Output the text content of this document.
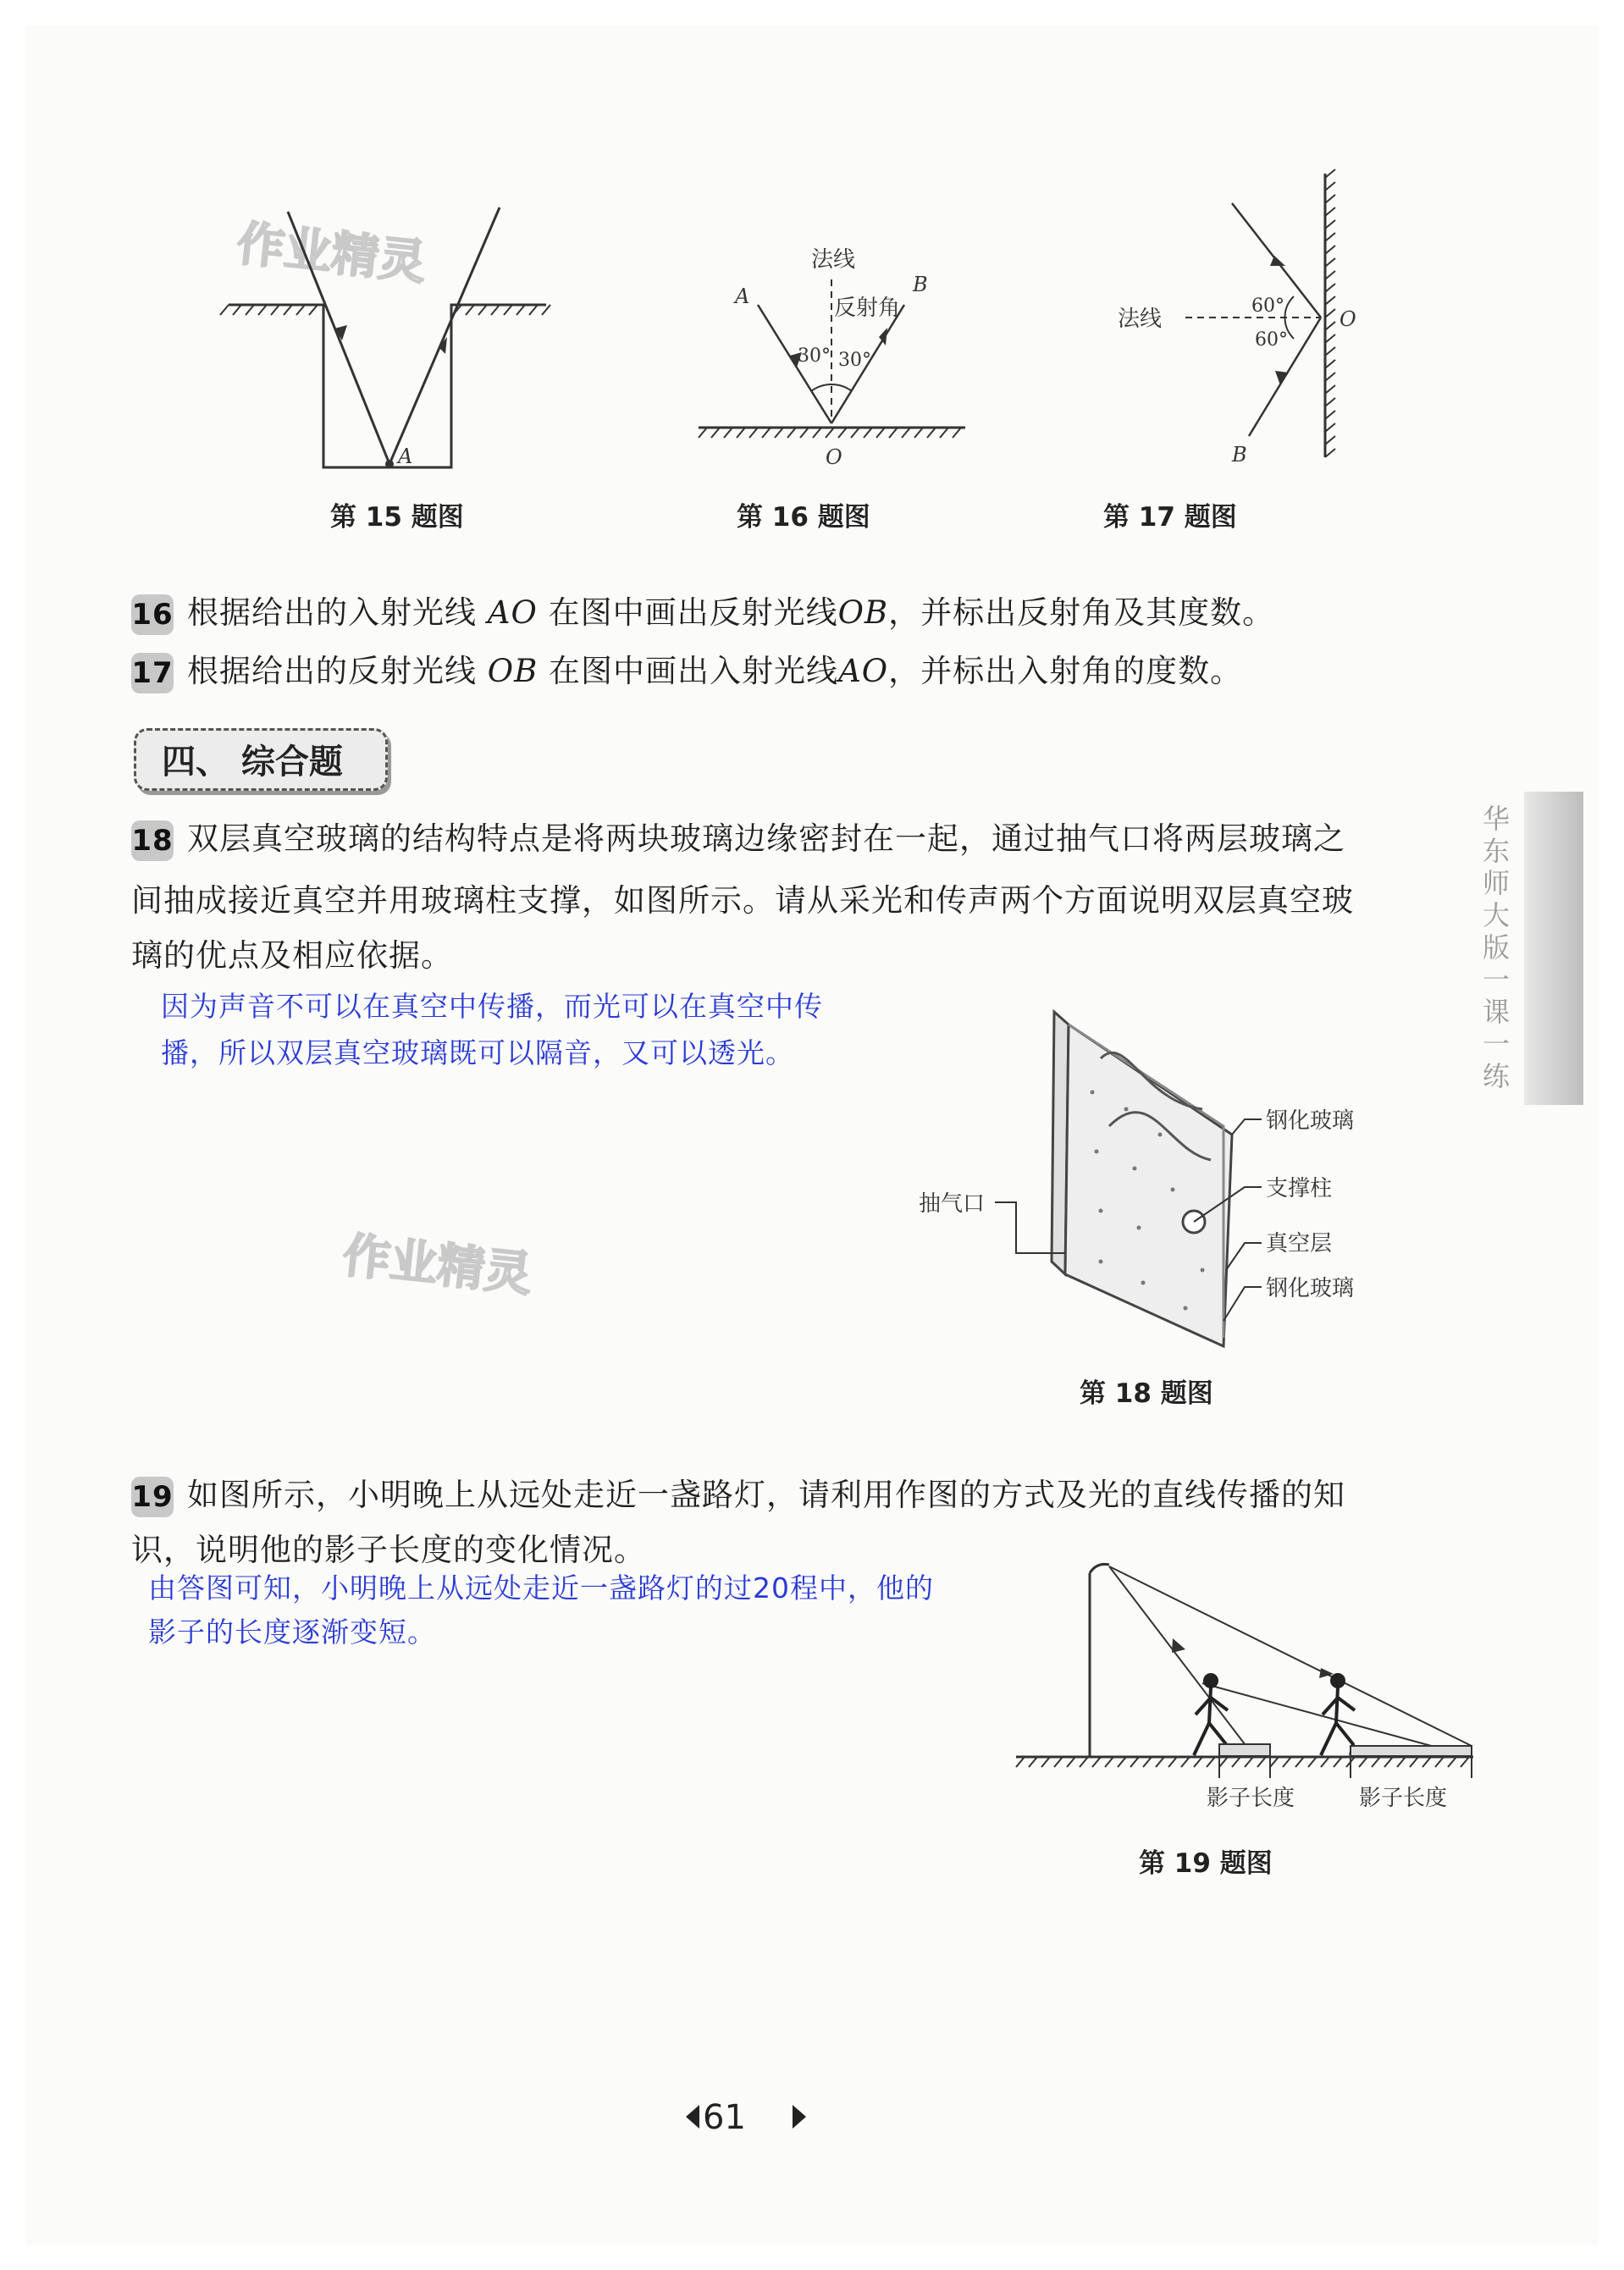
作业精灵
作业精灵
A
第 15 题图
法线
反射角
30° 30°
A	B
O
第 16 题图
法线
60°
60°
O
B
第 17 题图
16 根据给出的入射光线 AO 在图中画出反射光线OB，并标出反射角及其度数。
17 根据给出的反射光线 OB 在图中画出入射光线AO，并标出入射角的度数。
四、 综合题
华东师大版一课一练
18 双层真空玻璃的结构特点是将两块玻璃边缘密封在一起，通过抽气口将两层玻璃之
间抽成接近真空并用玻璃柱支撑，如图所示。请从采光和传声两个方面说明双层真空玻
璃的优点及相应依据。
因为声音不可以在真空中传播，而光可以在真空中传
播，所以双层真空玻璃既可以隔音，又可以透光。
钢化玻璃
支撑柱
真空层
钢化玻璃
抽气口
第 18 题图
19 如图所示，小明晚上从远处走近一盏路灯，请利用作图的方式及光的直线传播的知
识，说明他的影子长度的变化情况。
由答图可知，小明晚上从远处走近一盏路灯的过20程中，他的
影子的长度逐渐变短。
影子长度	影子长度
第 19 题图
61
